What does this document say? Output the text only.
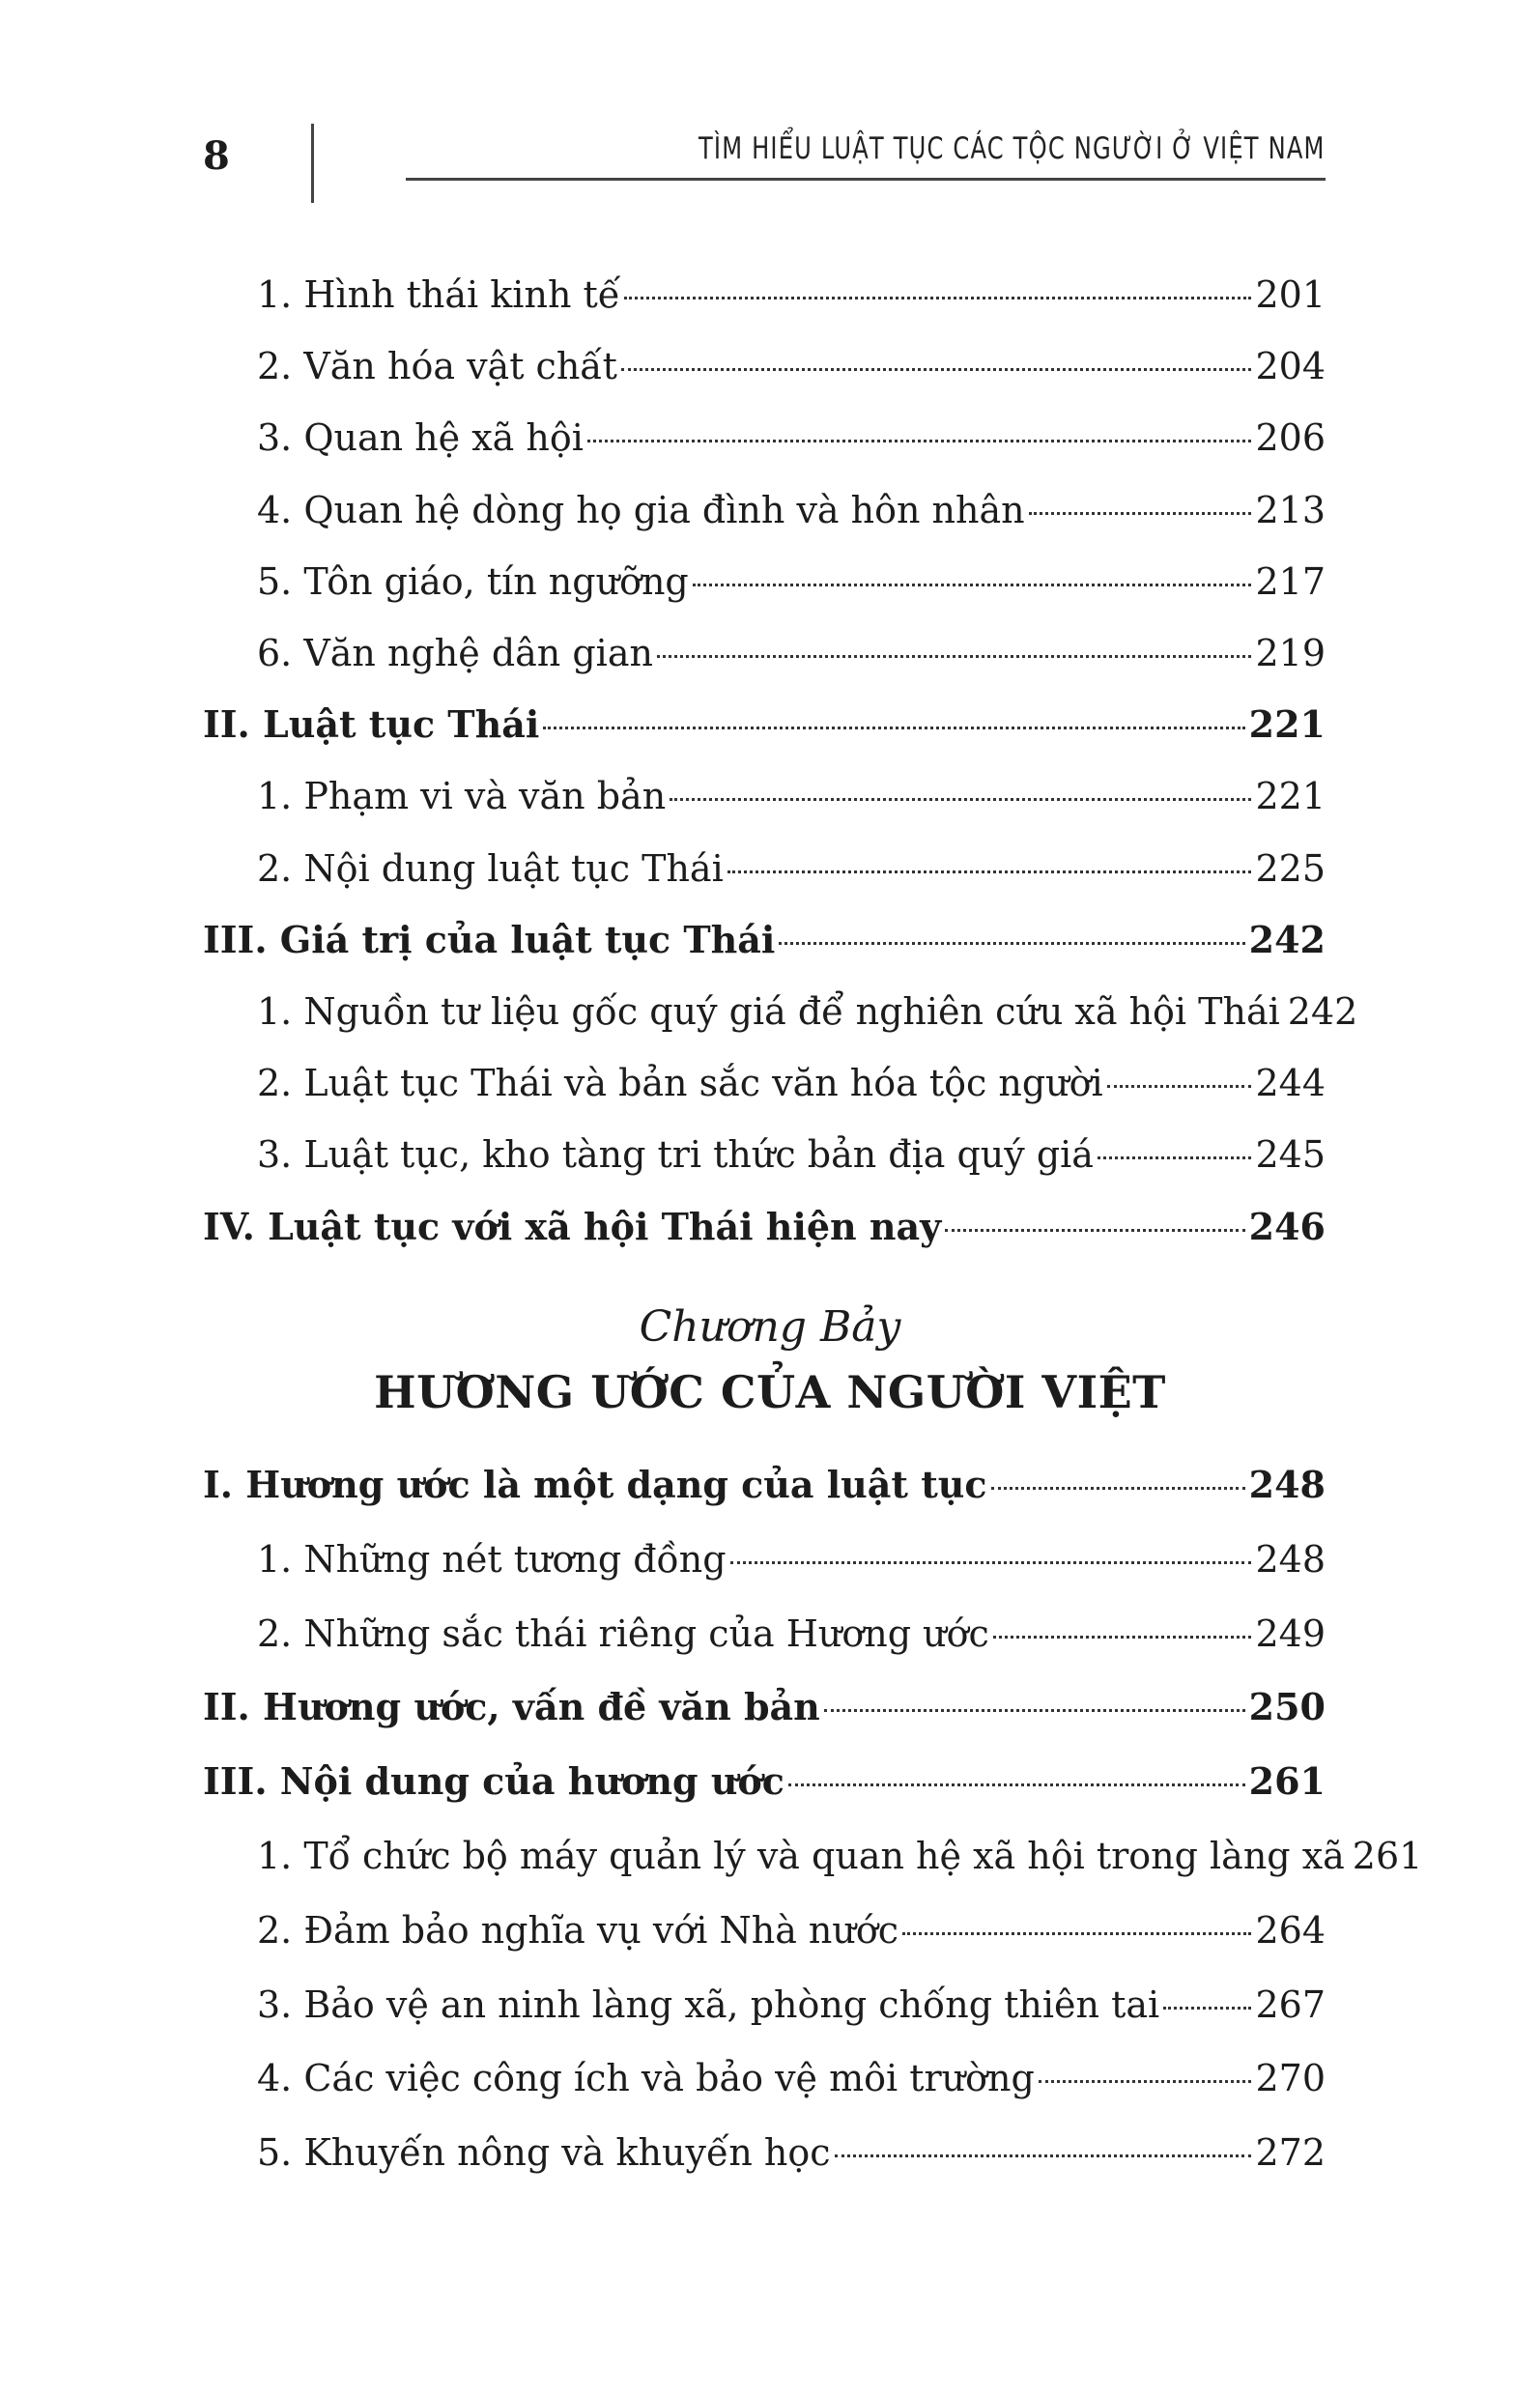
8	TÌM HIỂU LUẬT TỤC CÁC TỘC NGƯỜI Ở VIỆT NAM
1. Hình thái kinh tế	201
2. Văn hóa vật chất	204
3. Quan hệ xã hội	206
4. Quan hệ dòng họ gia đình và hôn nhân	213
5. Tôn giáo, tín ngưỡng	217
6. Văn nghệ dân gian	219
II. Luật tục Thái	221
1. Phạm vi và văn bản	221
2. Nội dung luật tục Thái	225
III. Giá trị của luật tục Thái	242
1. Nguồn tư liệu gốc quý giá để nghiên cứu xã hội Thái 242
2. Luật tục Thái và bản sắc văn hóa tộc người	244
3. Luật tục, kho tàng tri thức bản địa quý giá	245
IV. Luật tục với xã hội Thái hiện nay	246
Chương Bảy
HƯƠNG ƯỚC CỦA NGƯỜI VIỆT
I. Hương ước là một dạng của luật tục	248
1. Những nét tương đồng	248
2. Những sắc thái riêng của Hương ước	249
II. Hương ước, vấn đề văn bản	250
III. Nội dung của hương ước	261
1. Tổ chức bộ máy quản lý và quan hệ xã hội trong làng xã 261
2. Đảm bảo nghĩa vụ với Nhà nước	264
3. Bảo vệ an ninh làng xã, phòng chống thiên tai	267
4. Các việc công ích và bảo vệ môi trường	270
5. Khuyến nông và khuyến học	272
